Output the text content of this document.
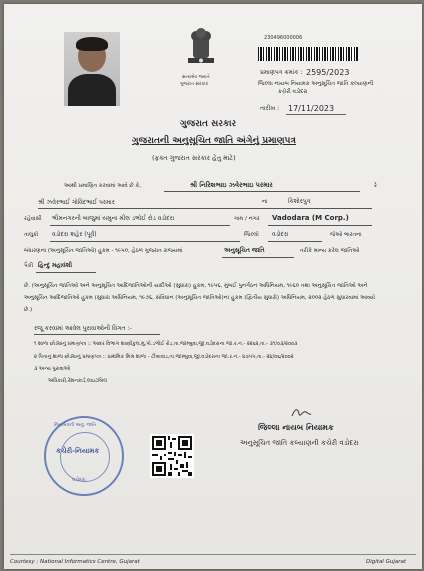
સત્યમેવ જયતે
ગુજરાત સરકાર
230496000006
પ્રમાણપત્ર ક્રમાંક : 2595/2023
જિલ્લા નાયબ નિયામક અનુસૂચિત જાતિ કલ્યાણની
કચેરી વડોદરા
તારીખ : 17/11/2023
ગુજરાત સરકાર
ગુજરાતની અનુસૂચિત જાતિ અંગેનું પ્રમાણપત્ર
(ફક્ત ગુજરાત સરકાર હેતુ માટે)
આથી પ્રમાણિત કરવામાં આવે છે કે,	શ્રી નિરિશભાઇ ઝવેરભાઇ પરમાર	રે
શ્રી ઝવેરભાઈ ગોવિંદભાઈ પરમાર	ના	કિશોરપુત્ર
રહેવાસી ભીમનગરની બાજુમાં યમુના મીલ ડભોઈ રોડ વડોદરા	ગામ / નગર Vadodara (M Corp.)
તાલુકો વડોદરા શહેર (પૂર્વ)	જિલ્લો વડોદરા	જેઓ ભારતના
બંધારણના (અનુસૂચિત જાતિઓ) હુકમ - ૧૯૫૦, હેઠળ ગુજરાત રાજયમાં	અનુસૂચિત જાતિ	તરીકે માન્ય કરેલ જાતિઓ
પૈકી હિન્દુ મહાવંશી
છે. (અનુસૂચિત જાતિઓ અને અનુસૂચિત આદિજાતિઓની યાદીઓ (સુધારા) હુકમ, ૧૯૫૬, મુંબઈ પુનર્ગઠન અધિનિયમ, ૧૯૬૦ તથા અનુસૂચિત જાતિઓ અને અનુસૂચિત આદિજાતિઓ હુકમ (સુધારા અધિનિયમ, ૧૯૭૬, સંવિધાન (અનુસૂચિત જાતિઓ)ના હુકમ (દ્વિતીય સુધારો) અધિનિયમ, ૨૦૦૨ હેઠળ સુધારવામાં આવ્યો છે.)
રજૂ કરવામાં આવેલ પુરાવાઓની વિગત :-
૧ શાળા છોડ્યાનું પ્રમાણપત્ર :: આદર વિભાગ શાસ્ત્રીકુલ,મુ.પો.ડભોઈ રોડ,તા.જામ્બુવા,જી.વડોદરાના જા.ર.નં.- ૨૨૬૨,તા.- ૩૧/૦૩/૨૦૦૩
૨ પિતાનું શાળા છોડ્યાનું પ્રમાણપત્ર :: પ્રાથમિક મિશ્ર શાળા - ટીંબાવાડ,તા.જામ્બુવા,જી.વડોદરાના જા.ર.નં.- ૪૭૫૫,તા.- ૨૪/૦૬/૨૦૦૨
૩ અન્ય પુરાવાઓ
અધિકારી,રેશનકાર્ડ,લાઇટબિલ
નિયામકની અનુ. જાતિ
કચેરી-નિયામક
વડોદરા
જિલ્લા નાયબ નિયામક
અનુસૂચિત જાતિ કલ્યાણની કચેરી વડોદરા
Courtesy : National Informatics Centre, Gujarat	Digital Gujarat
